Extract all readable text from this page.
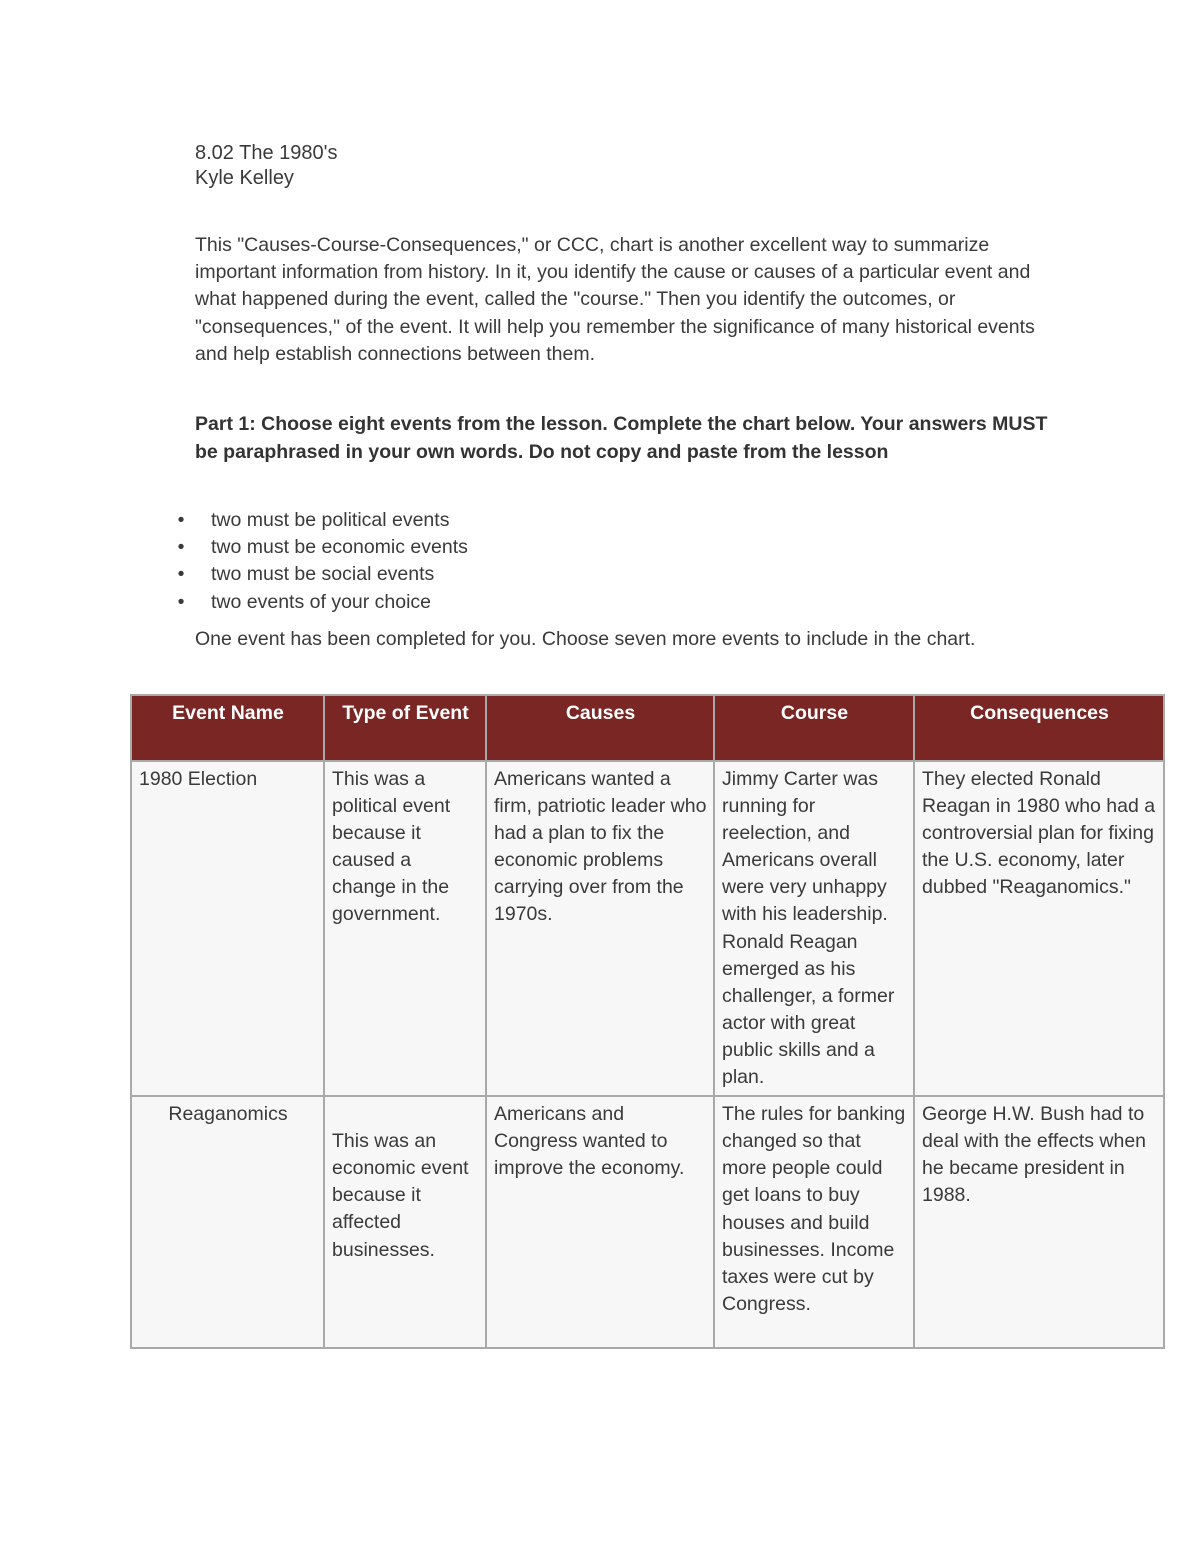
8.02 The 1980's
Kyle Kelley
This "Causes-Course-Consequences," or CCC, chart is another excellent way to summarize important information from history. In it, you identify the cause or causes of a particular event and what happened during the event, called the "course." Then you identify the outcomes, or "consequences," of the event. It will help you remember the significance of many historical events and help establish connections between them.
Part 1: Choose eight events from the lesson. Complete the chart below. Your answers MUST be paraphrased in your own words. Do not copy and paste from the lesson
• two must be political events
• two must be economic events
• two must be social events
• two events of your choice
One event has been completed for you. Choose seven more events to include in the chart.
Event Name	Type of Event	Causes	Course	Consequences
1980 Election	This was a political event because it caused a change in the government.	Americans wanted a firm, patriotic leader who had a plan to fix the economic problems carrying over from the 1970s.	Jimmy Carter was running for reelection, and Americans overall were very unhappy with his leadership. Ronald Reagan emerged as his challenger, a former actor with great public skills and a plan.	They elected Ronald Reagan in 1980 who had a controversial plan for fixing the U.S. economy, later dubbed "Reaganomics."
Reaganomics	This was an economic event because it affected businesses.	Americans and Congress wanted to improve the economy.	The rules for banking changed so that more people could get loans to buy houses and build businesses. Income taxes were cut by Congress.	George H.W. Bush had to deal with the effects when he became president in 1988.
